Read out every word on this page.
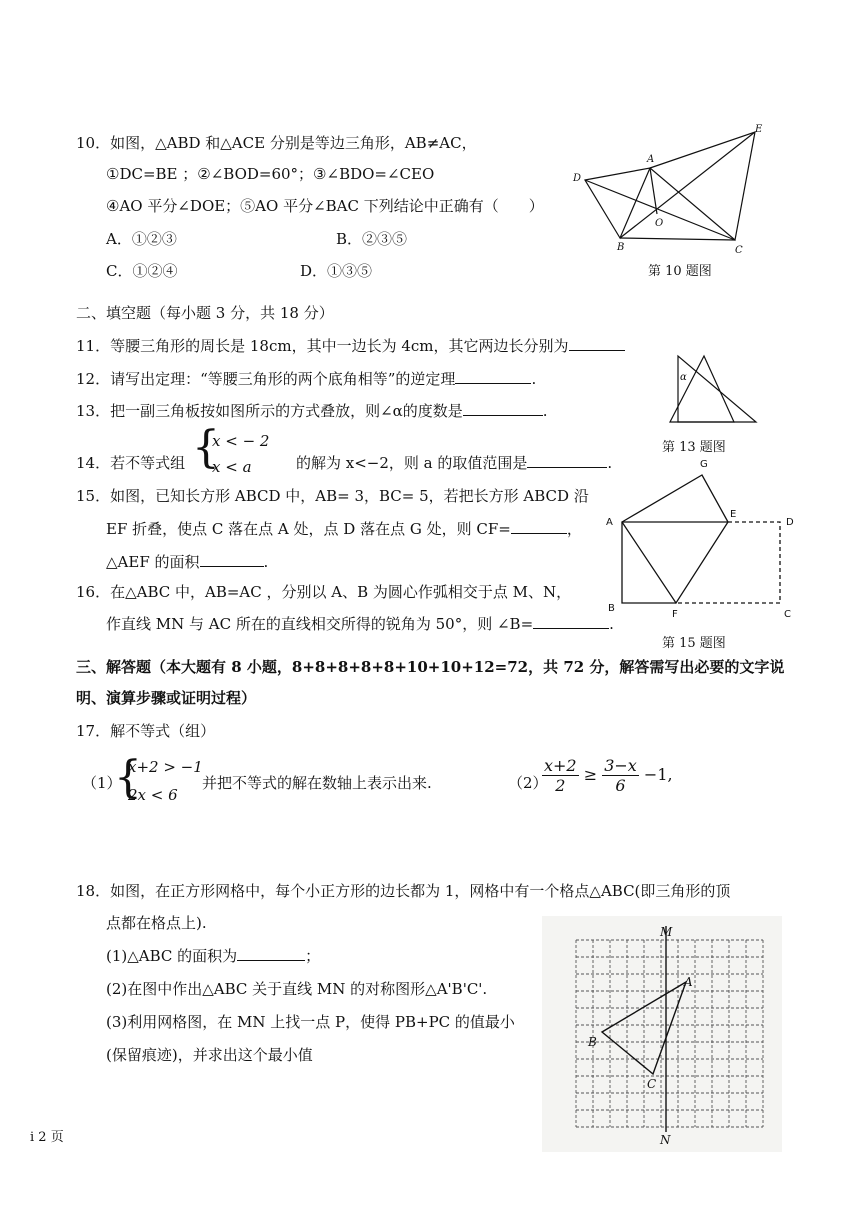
10．如图，△ABD 和△ACE 分别是等边三角形，AB≠AC，
①DC=BE ；②∠BOD=60°；③∠BDO=∠CEO
④AO 平分∠DOE；⑤AO 平分∠BAC 下列结论中正确有（　　）
A．①②③	B．②③⑤
C．①②④	D．①③⑤
D
A
E
O
B	C
第 10 题图
二、填空题（每小题 3 分，共 18 分）
11．等腰三角形的周长是 18cm，其中一边长为 4cm，其它两边长分别为
12．请写出定理：“等腰三角形的两个底角相等”的逆定理	.
13．把一副三角板按如图所示的方式叠放，则∠α的度数是	.
α
第 13 题图
14．若不等式组 {
x < − 2
x < a	的解为 x<−2，则 a 的取值范围是	.
15．如图，已知长方形 ABCD 中，AB= 3，BC= 5，若把长方形 ABCD 沿
EF 折叠，使点 C 落在点 A 处，点 D 落在点 G 处，则 CF=	，
△AEF 的面积	.
G
A
E
D
B
F	C
16．在△ABC 中，AB=AC ，分别以 A、B 为圆心作弧相交于点 M、N，
作直线 MN 与 AC 所在的直线相交所得的锐角为 50°，则 ∠B=	.
第 15 题图
三、解答题（本大题有 8 小题，8+8+8+8+8+10+10+12=72，共 72 分，解答需写出必要的文字说
明、演算步骤或证明过程）
17．解不等式（组）
（1）
{
x+2 > −1
2x < 6
并把不等式的解在数轴上表示出来.	（2）
$\frac{x+2}{2} \ge \frac{3-x}{6} -1$,
18．如图，在正方形网格中，每个小正方形的边长都为 1，网格中有一个格点△ABC(即三角形的顶
点都在格点上).
(1)△ABC 的面积为	；
(2)在图中作出△ABC 关于直线 MN 的对称图形△A'B'C'.
(3)利用网格图，在 MN 上找一点 P，使得 PB+PC 的值最小
(保留痕迹)，并求出这个最小值
M
N
A
B
C
i 2 页
